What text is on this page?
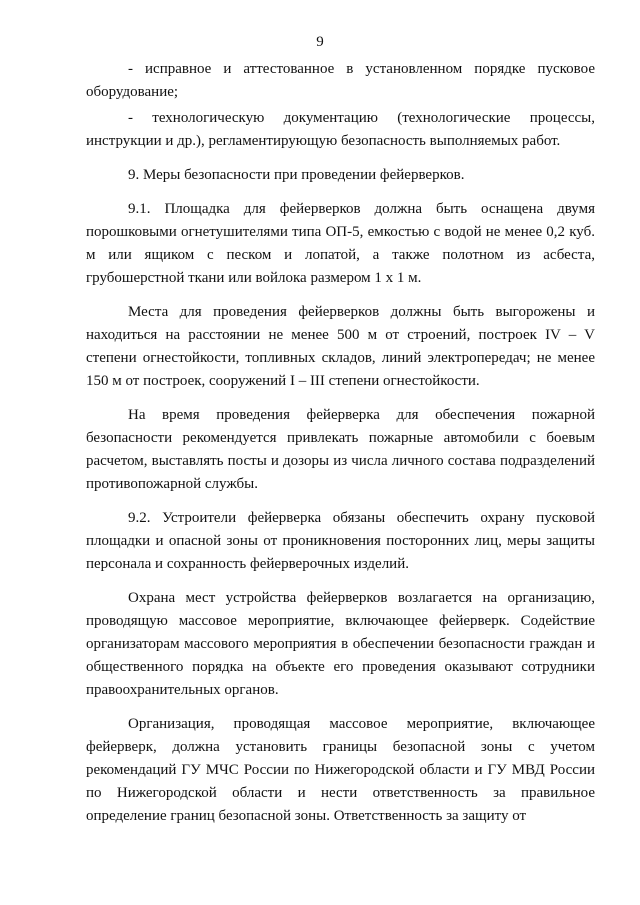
9

- исправное и аттестованное в установленном порядке пусковое оборудование;

- технологическую документацию (технологические процессы, инструкции и др.), регламентирующую безопасность выполняемых работ.

9. Меры безопасности при проведении фейерверков.

9.1. Площадка для фейерверков должна быть оснащена двумя порошковыми огнетушителями типа ОП-5, емкостью с водой не менее 0,2 куб. м или ящиком с песком и лопатой, а также полотном из асбеста, грубошерстной ткани или войлока размером 1 х 1 м.

Места для проведения фейерверков должны быть выгорожены и находиться на расстоянии не менее 500 м от строений, построек IV – V степени огнестойкости, топливных складов, линий электропередач; не менее 150 м от построек, сооружений I – III степени огнестойкости.

На время проведения фейерверка для обеспечения пожарной безопасности рекомендуется привлекать пожарные автомобили с боевым расчетом, выставлять посты и дозоры из числа личного состава подразделений противопожарной службы.

9.2. Устроители фейерверка обязаны обеспечить охрану пусковой площадки и опасной зоны от проникновения посторонних лиц, меры защиты персонала и сохранность фейерверочных изделий.

Охрана мест устройства фейерверков возлагается на организацию, проводящую массовое мероприятие, включающее фейерверк. Содействие организаторам массового мероприятия в обеспечении безопасности граждан и общественного порядка на объекте его проведения оказывают сотрудники правоохранительных органов.

Организация, проводящая массовое мероприятие, включающее фейерверк, должна установить границы безопасной зоны с учетом рекомендаций ГУ МЧС России по Нижегородской области и ГУ МВД России по Нижегородской области и нести ответственность за правильное определение границ безопасной зоны. Ответственность за защиту от
